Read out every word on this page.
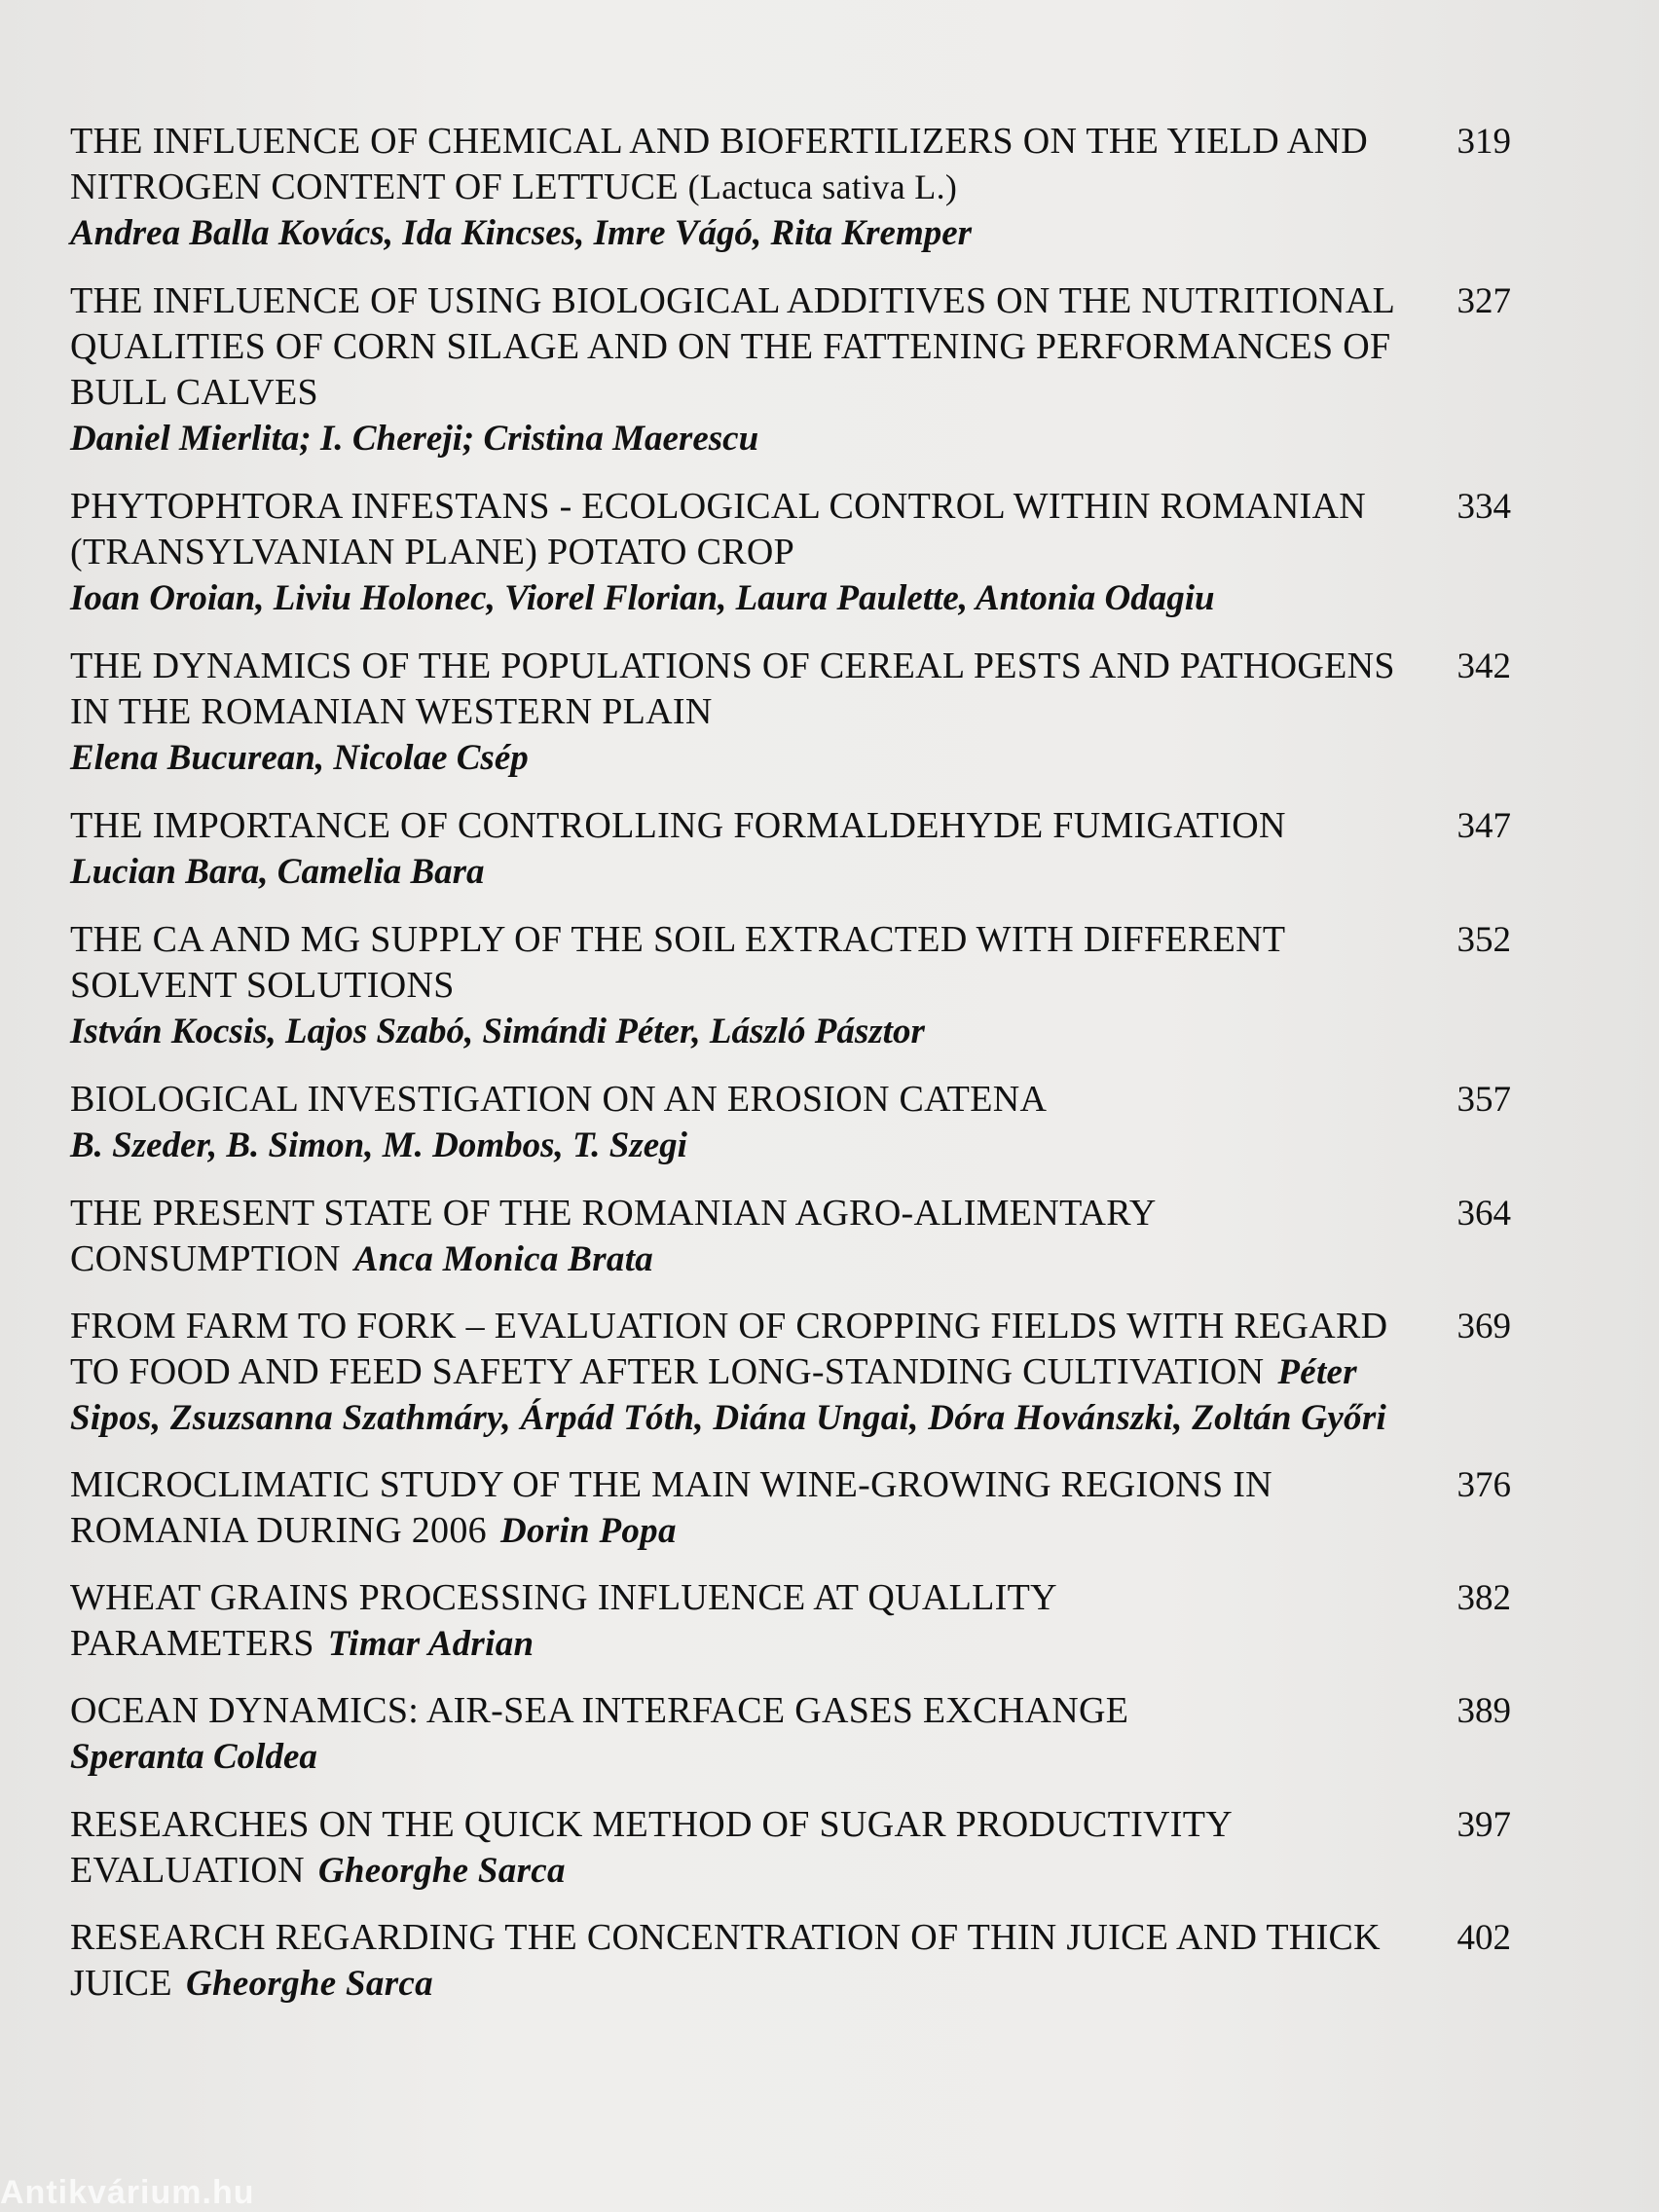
THE INFLUENCE OF CHEMICAL AND BIOFERTILIZERS ON THE YIELD AND NITROGEN CONTENT OF LETTUCE (Lactuca sativa L.)
Andrea Balla Kovács, Ida Kincses, Imre Vágó, Rita Kremper
319
THE INFLUENCE OF USING BIOLOGICAL ADDITIVES ON THE NUTRITIONAL QUALITIES OF CORN SILAGE AND ON THE FATTENING PERFORMANCES OF BULL CALVES
Daniel Mierlita; I. Chereji; Cristina Maerescu
327
PHYTOPHTORA INFESTANS - ECOLOGICAL CONTROL WITHIN ROMANIAN (TRANSYLVANIAN PLANE) POTATO CROP
Ioan Oroian, Liviu Holonec, Viorel Florian, Laura Paulette, Antonia Odagiu
334
THE DYNAMICS OF THE POPULATIONS OF CEREAL PESTS AND PATHOGENS IN THE ROMANIAN WESTERN PLAIN
Elena Bucurean, Nicolae Csép
342
THE IMPORTANCE OF CONTROLLING FORMALDEHYDE FUMIGATION
Lucian Bara, Camelia Bara
347
THE CA AND MG SUPPLY OF THE SOIL EXTRACTED WITH DIFFERENT SOLVENT SOLUTIONS
István Kocsis, Lajos Szabó, Simándi Péter, László Pásztor
352
BIOLOGICAL INVESTIGATION ON AN EROSION CATENA
B. Szeder, B. Simon, M. Dombos, T. Szegi
357
THE PRESENT STATE OF THE ROMANIAN AGRO-ALIMENTARY CONSUMPTION Anca Monica Brata
364
FROM FARM TO FORK – EVALUATION OF CROPPING FIELDS WITH REGARD TO FOOD AND FEED SAFETY AFTER LONG-STANDING CULTIVATION Péter Sipos, Zsuzsanna Szathmáry, Árpád Tóth, Diána Ungai, Dóra Hovánszki, Zoltán Győri
369
MICROCLIMATIC STUDY OF THE MAIN WINE-GROWING REGIONS IN ROMANIA DURING 2006 Dorin Popa
376
WHEAT GRAINS PROCESSING INFLUENCE AT QUALLITY PARAMETERS Timar Adrian
382
OCEAN DYNAMICS: AIR-SEA INTERFACE GASES EXCHANGE
Speranta Coldea
389
RESEARCHES ON THE QUICK METHOD OF SUGAR PRODUCTIVITY EVALUATION Gheorghe Sarca
397
RESEARCH REGARDING THE CONCENTRATION OF THIN JUICE AND THICK JUICE Gheorghe Sarca
402
Antikvárium.hu
